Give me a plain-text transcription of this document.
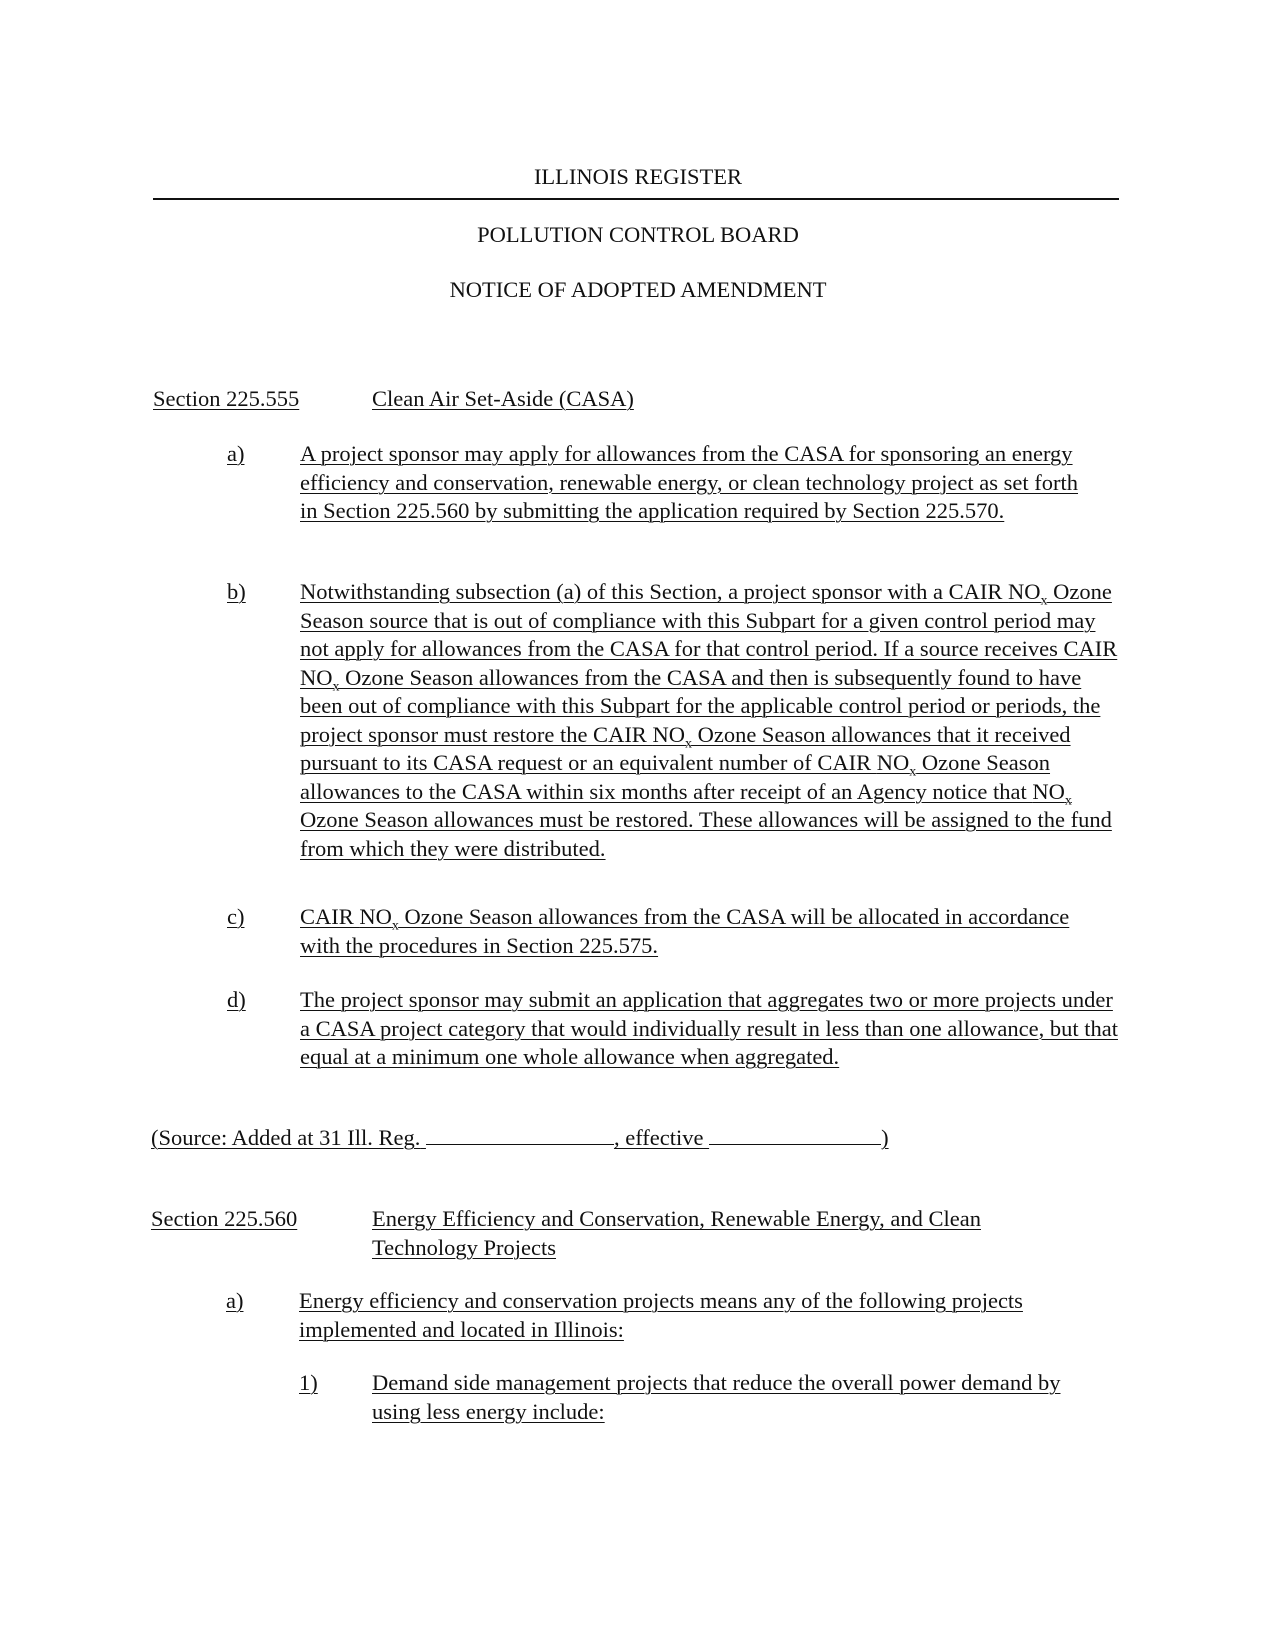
ILLINOIS REGISTER
POLLUTION CONTROL BOARD
NOTICE OF ADOPTED AMENDMENT
Section 225.555	Clean Air Set-Aside (CASA)
a)	A project sponsor may apply for allowances from the CASA for sponsoring an energy efficiency and conservation, renewable energy, or clean technology project as set forth in Section 225.560 by submitting the application required by Section 225.570.
b)	Notwithstanding subsection (a) of this Section, a project sponsor with a CAIR $NO_x$ Ozone Season source that is out of compliance with this Subpart for a given control period may not apply for allowances from the CASA for that control period. If a source receives CAIR $NO_x$ Ozone Season allowances from the CASA and then is subsequently found to have been out of compliance with this Subpart for the applicable control period or periods, the project sponsor must restore the CAIR $NO_x$ Ozone Season allowances that it received pursuant to its CASA request or an equivalent number of CAIR $NO_x$ Ozone Season allowances to the CASA within six months after receipt of an Agency notice that $NO_x$ Ozone Season allowances must be restored. These allowances will be assigned to the fund from which they were distributed.
c)	CAIR $NO_x$ Ozone Season allowances from the CASA will be allocated in accordance with the procedures in Section 225.575.
d)	The project sponsor may submit an application that aggregates two or more projects under a CASA project category that would individually result in less than one allowance, but that equal at a minimum one whole allowance when aggregated.
(Source: Added at 31 Ill. Reg.	, effective	)
Section 225.560	Energy Efficiency and Conservation, Renewable Energy, and Clean Technology Projects
a)	Energy efficiency and conservation projects means any of the following projects implemented and located in Illinois:
1)	Demand side management projects that reduce the overall power demand by using less energy include:
